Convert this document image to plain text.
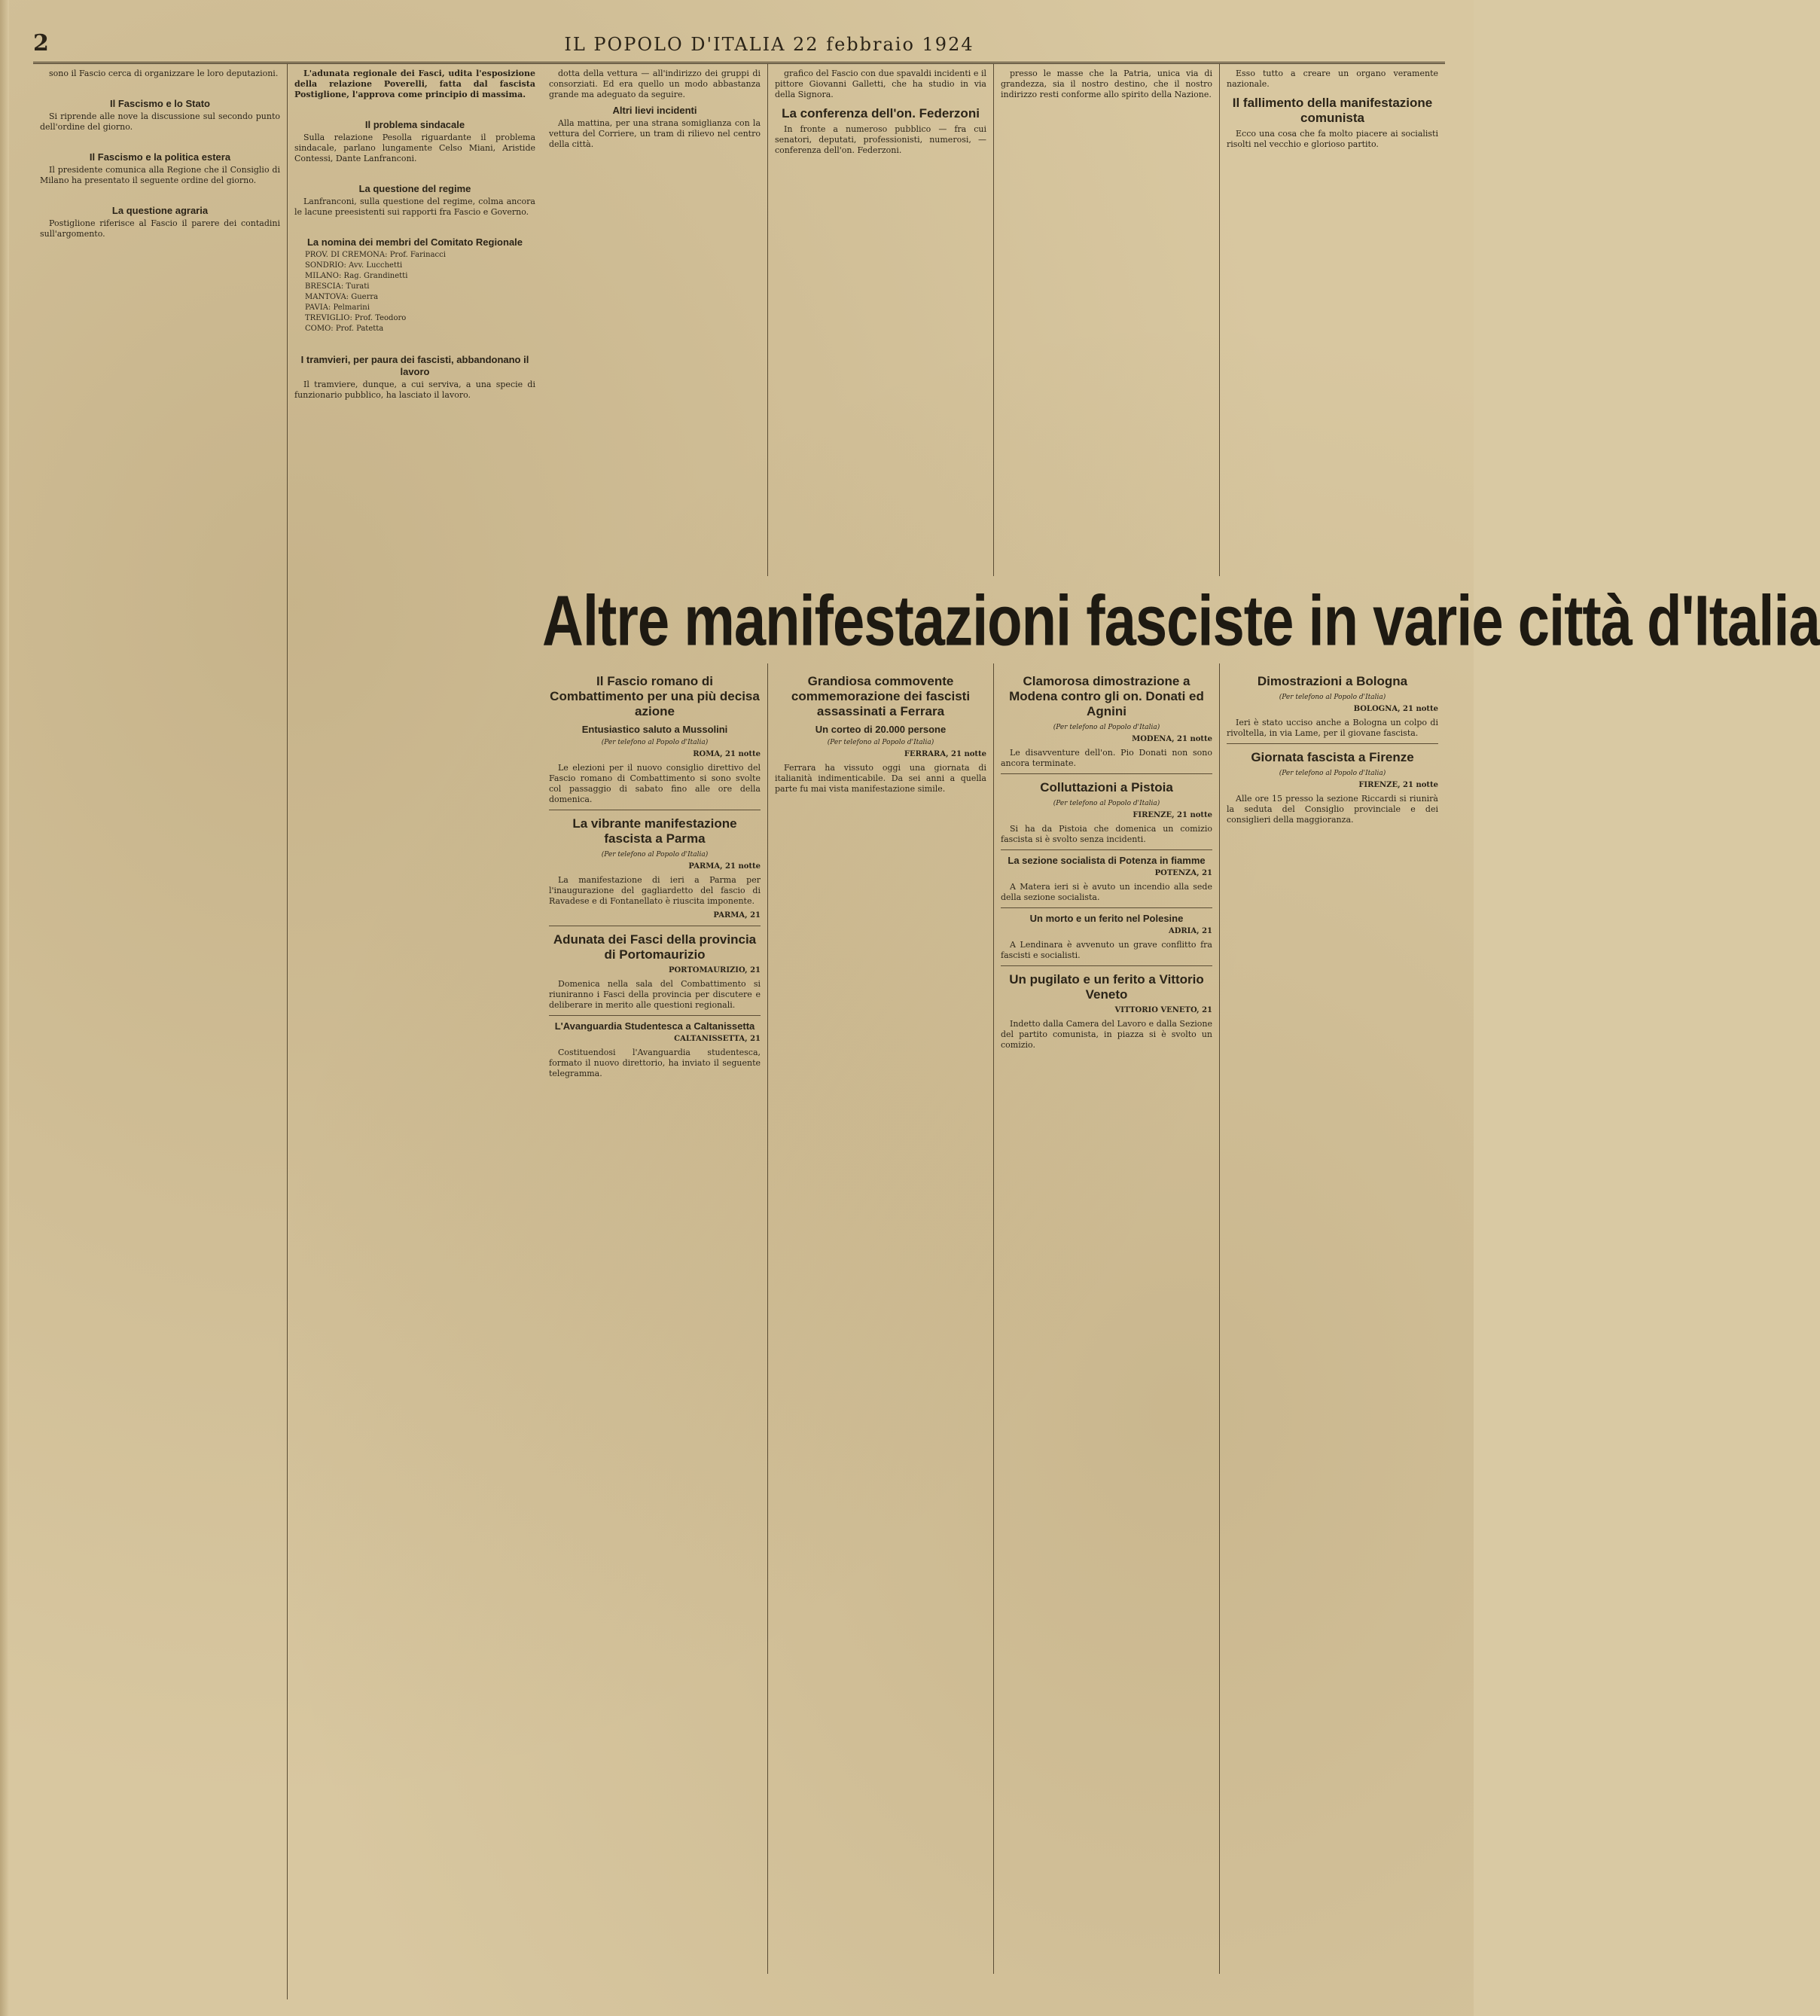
2	IL POPOLO D'ITALIA 22 febbraio 1924

sono il Fascio cerca di organizzare le loro deputazioni.

Il Fascismo e lo Stato

Si riprende alle nove la discussione sul secondo punto dell'ordine del giorno.

Il Fascismo e la politica estera

Il presidente comunica alla Regione che il Consiglio di Milano ha presentato il seguente ordine del giorno.

La questione agraria

Postiglione riferisce al Fascio il parere dei contadini sull'argomento.

L'adunata regionale dei Fasci, udita l'esposizione della relazione Poverelli, fatta dal fascista Postiglione, l'approva come principio di massima.

Il problema sindacale

Sulla relazione Pesolla riguardante il problema sindacale, parlano lungamente Celso Miani, Aristide Contessi, Dante Lanfranconi.

La questione del regime

Lanfranconi, sulla questione del regime, colma ancora le lacune preesistenti sui rapporti fra Fascio e Governo.

La nomina dei membri del Comitato Regionale
PROV. DI CREMONA: Prof. Farinacci
SONDRIO: Avv. Lucchetti
MILANO: Rag. Grandinetti
BRESCIA: Turati
MANTOVA: Guerra
PAVIA: Pelmarini
TREVIGLIO: Prof. Teodoro
COMO: Prof. Patetta

I tramvieri, per paura dei fascisti, abbandonano il lavoro

Il tramviere, dunque, a cui serviva, a una specie di funzionario pubblico, ha lasciato il lavoro.

dotta della vettura — all'indirizzo dei gruppi di consorziati. Ed era quello un modo abbastanza grande ma adeguato da seguire.

Altri lievi incidenti

Alla mattina, per una strana somiglianza con la vettura del Corriere, un tram di rilievo nel centro della città.

grafico del Fascio con due spavaldi incidenti e il pittore Giovanni Galletti, che ha studio in via della Signora.

La conferenza dell'on. Federzoni

In fronte a numeroso pubblico — fra cui senatori, deputati, professionisti, numerosi, — conferenza dell'on. Federzoni.

presso le masse che la Patria, unica via di grandezza, sia il nostro destino, che il nostro indirizzo resti conforme allo spirito della Nazione.

Esso tutto a creare un organo veramente nazionale.

Il fallimento della manifestazione comunista

Ecco una cosa che fa molto piacere ai socialisti risolti nel vecchio e glorioso partito.

Altre manifestazioni fasciste in varie città d'Italia
Il Fascio romano di Combattimento per una più decisa azione
Entusiastico saluto a Mussolini
(Per telefono al Popolo d'Italia)
ROMA, 21 notte

Le elezioni per il nuovo consiglio direttivo del Fascio romano di Combattimento si sono svolte col passaggio di sabato fino alle ore della domenica.

La vibrante manifestazione fascista a Parma
(Per telefono al Popolo d'Italia)
PARMA, 21 notte

La manifestazione di ieri a Parma per l'inaugurazione del gagliardetto del fascio di Ravadese e di Fontanellato è riuscita imponente.

PARMA, 21
Adunata dei Fasci della provincia di Portomaurizio
PORTOMAURIZIO, 21

Domenica nella sala del Combattimento si riuniranno i Fasci della provincia per discutere e deliberare in merito alle questioni regionali.

L'Avanguardia Studentesca a Caltanissetta
CALTANISSETTA, 21

Costituendosi l'Avanguardia studentesca, formato il nuovo direttorio, ha inviato il seguente telegramma.

Grandiosa commovente commemorazione dei fascisti assassinati a Ferrara
Un corteo di 20.000 persone
(Per telefono al Popolo d'Italia)
FERRARA, 21 notte

Ferrara ha vissuto oggi una giornata di italianità indimenticabile. Da sei anni a quella parte fu mai vista manifestazione simile.

Clamorosa dimostrazione a Modena contro gli on. Donati ed Agnini
(Per telefono al Popolo d'Italia)
MODENA, 21 notte

Le disavventure dell'on. Pio Donati non sono ancora terminate.

Colluttazioni a Pistoia
(Per telefono al Popolo d'Italia)
FIRENZE, 21 notte

Si ha da Pistoia che domenica un comizio fascista si è svolto senza incidenti.

La sezione socialista di Potenza in fiamme
POTENZA, 21

A Matera ieri si è avuto un incendio alla sede della sezione socialista.

Un morto e un ferito nel Polesine
ADRIA, 21

A Lendinara è avvenuto un grave conflitto fra fascisti e socialisti.

Un pugilato e un ferito a Vittorio Veneto
VITTORIO VENETO, 21

Indetto dalla Camera del Lavoro e dalla Sezione del partito comunista, in piazza si è svolto un comizio.

Dimostrazioni a Bologna
(Per telefono al Popolo d'Italia)
BOLOGNA, 21 notte

Ieri è stato ucciso anche a Bologna un colpo di rivoltella, in via Lame, per il giovane fascista.

Giornata fascista a Firenze
(Per telefono al Popolo d'Italia)
FIRENZE, 21 notte

Alle ore 15 presso la sezione Riccardi si riunirà la seduta del Consiglio provinciale e dei consiglieri della maggioranza.
